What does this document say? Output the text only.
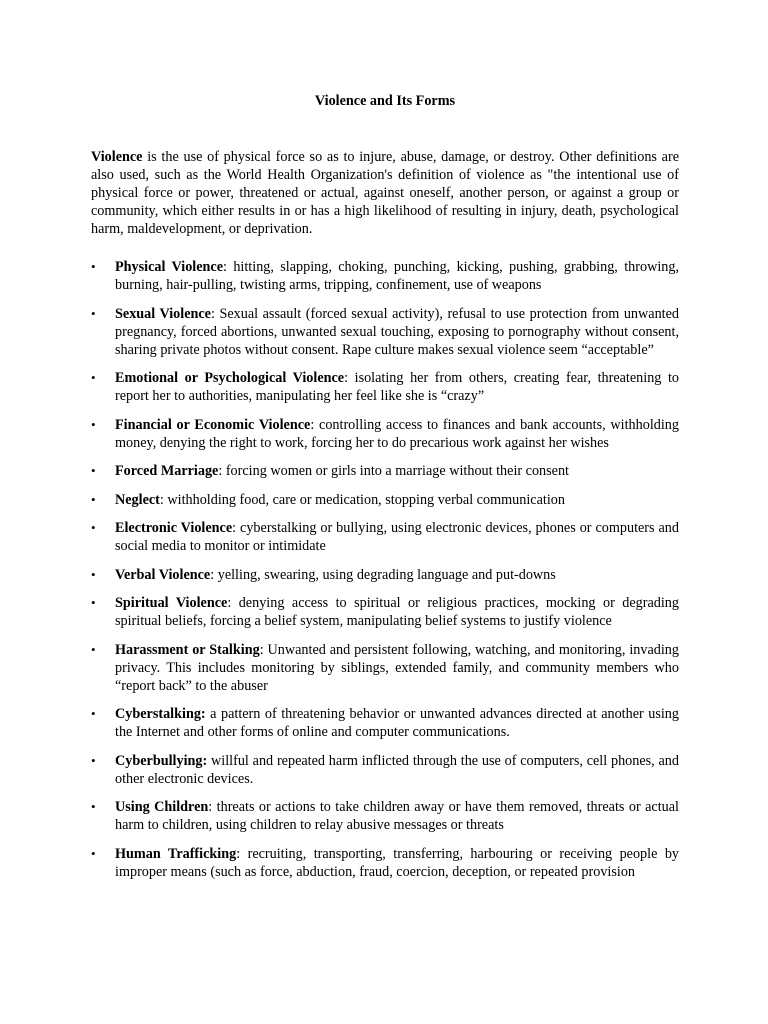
Violence and Its Forms

Violence is the use of physical force so as to injure, abuse, damage, or destroy. Other definitions are also used, such as the World Health Organization's definition of violence as "the intentional use of physical force or power, threatened or actual, against oneself, another person, or against a group or community, which either results in or has a high likelihood of resulting in injury, death, psychological harm, maldevelopment, or deprivation.

•	Physical Violence: hitting, slapping, choking, punching, kicking, pushing, grabbing, throwing, burning, hair-pulling, twisting arms, tripping, confinement, use of weapons
•	Sexual Violence: Sexual assault (forced sexual activity), refusal to use protection from unwanted pregnancy, forced abortions, unwanted sexual touching, exposing to pornography without consent, sharing private photos without consent. Rape culture makes sexual violence seem “acceptable”
•	Emotional or Psychological Violence: isolating her from others, creating fear, threatening to report her to authorities, manipulating her feel like she is “crazy”
•	Financial or Economic Violence: controlling access to finances and bank accounts, withholding money, denying the right to work, forcing her to do precarious work against her wishes
•	Forced Marriage: forcing women or girls into a marriage without their consent
•	Neglect: withholding food, care or medication, stopping verbal communication
•	Electronic Violence: cyberstalking or bullying, using electronic devices, phones or computers and social media to monitor or intimidate
•	Verbal Violence: yelling, swearing, using degrading language and put-downs
•	Spiritual Violence: denying access to spiritual or religious practices, mocking or degrading spiritual beliefs, forcing a belief system, manipulating belief systems to justify violence
•	Harassment or Stalking: Unwanted and persistent following, watching, and monitoring, invading privacy. This includes monitoring by siblings, extended family, and community members who “report back” to the abuser
•	Cyberstalking: a pattern of threatening behavior or unwanted advances directed at another using the Internet and other forms of online and computer communications.
•	Cyberbullying: willful and repeated harm inflicted through the use of computers, cell phones, and other electronic devices.
•	Using Children: threats or actions to take children away or have them removed, threats or actual harm to children, using children to relay abusive messages or threats
•	Human Trafficking: recruiting, transporting, transferring, harbouring or receiving people by improper means (such as force, abduction, fraud, coercion, deception, or repeated provision
